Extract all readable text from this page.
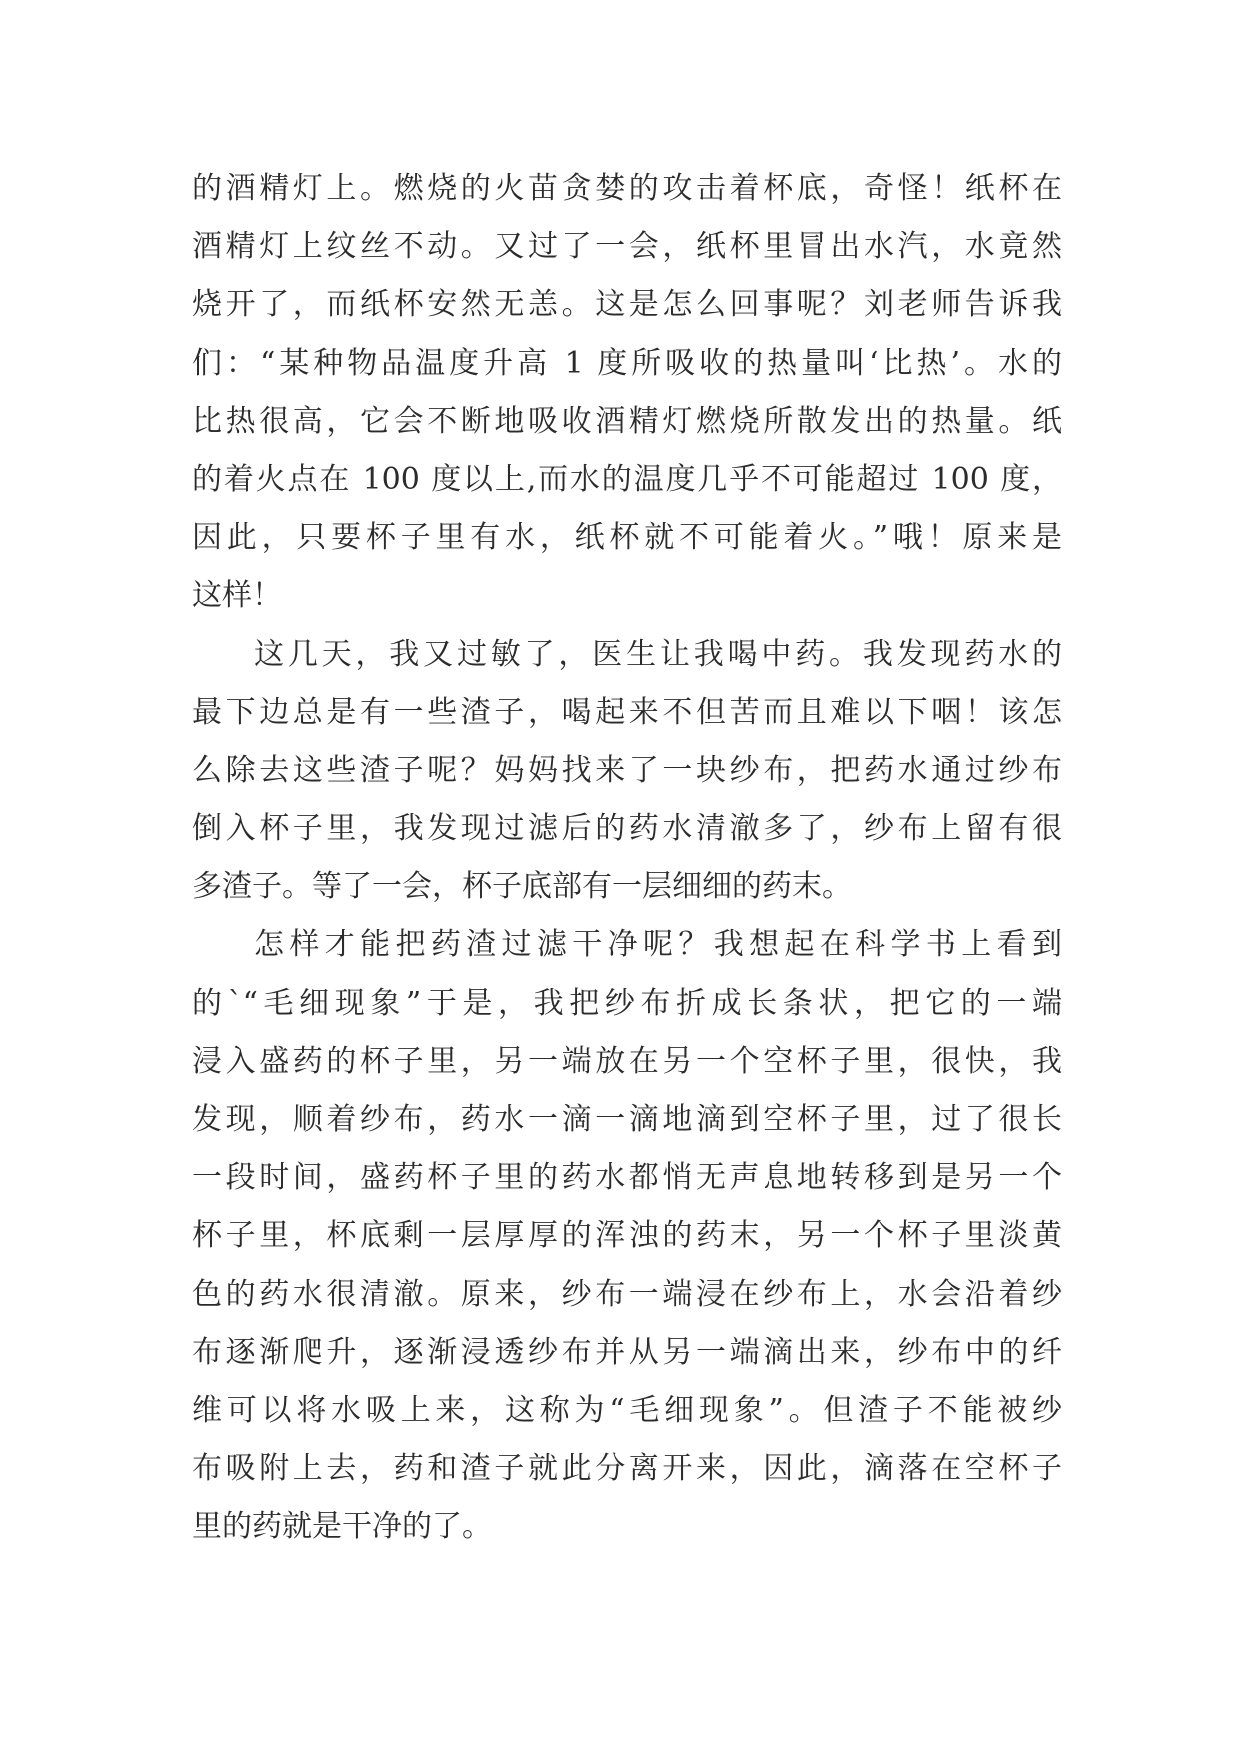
的酒精灯上。燃烧的火苗贪婪的攻击着杯底，奇怪！纸杯在
酒精灯上纹丝不动。又过了一会，纸杯里冒出水汽，水竟然
烧开了，而纸杯安然无恙。这是怎么回事呢？刘老师告诉我
们：“某种物品温度升高 1 度所吸收的热量叫‘比热’。水的
比热很高，它会不断地吸收酒精灯燃烧所散发出的热量。纸
的着火点在 100 度以上,而水的温度几乎不可能超过 100 度，
因此，只要杯子里有水，纸杯就不可能着火。”哦！原来是
这样！
这几天，我又过敏了，医生让我喝中药。我发现药水的
最下边总是有一些渣子，喝起来不但苦而且难以下咽！该怎
么除去这些渣子呢？妈妈找来了一块纱布，把药水通过纱布
倒入杯子里，我发现过滤后的药水清澈多了，纱布上留有很
多渣子。等了一会，杯子底部有一层细细的药末。
怎样才能把药渣过滤干净呢？我想起在科学书上看到
的`“毛细现象”于是，我把纱布折成长条状，把它的一端
浸入盛药的杯子里，另一端放在另一个空杯子里，很快，我
发现，顺着纱布，药水一滴一滴地滴到空杯子里，过了很长
一段时间，盛药杯子里的药水都悄无声息地转移到是另一个
杯子里，杯底剩一层厚厚的浑浊的药末，另一个杯子里淡黄
色的药水很清澈。原来，纱布一端浸在纱布上，水会沿着纱
布逐渐爬升，逐渐浸透纱布并从另一端滴出来，纱布中的纤
维可以将水吸上来，这称为“毛细现象”。但渣子不能被纱
布吸附上去，药和渣子就此分离开来，因此，滴落在空杯子
里的药就是干净的了。
